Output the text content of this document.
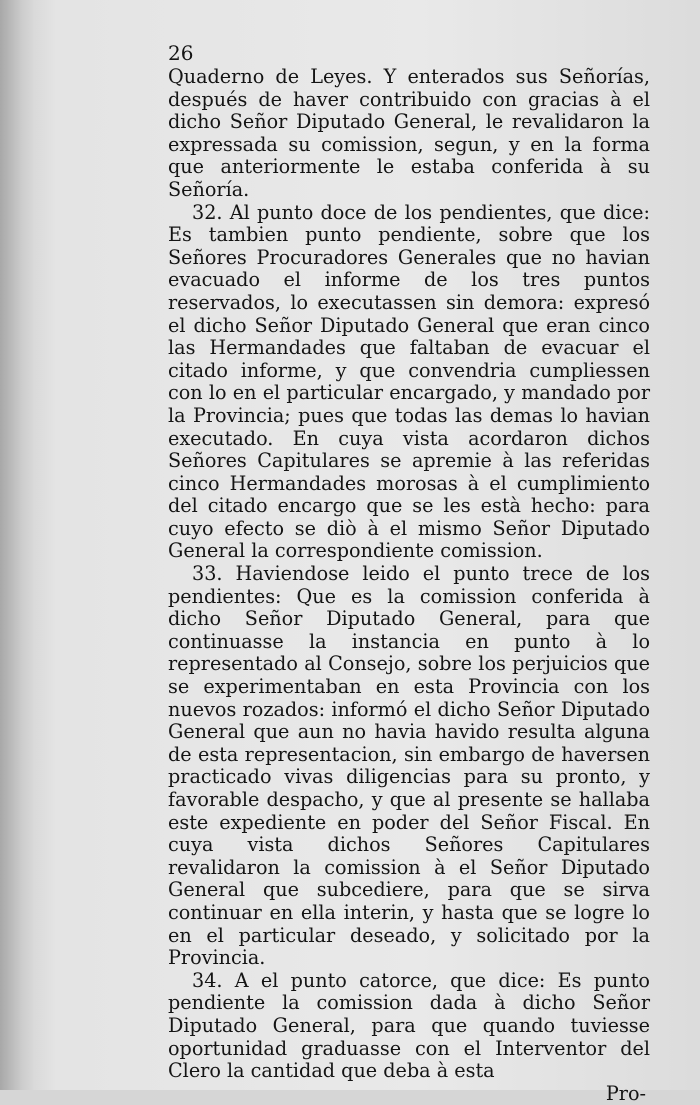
26

Quaderno de Leyes. Y enterados sus Señorías, después de haver contribuido con gracias à el dicho Señor Diputado General, le revalidaron la expressada su comission, segun, y en la forma que anteriormente le estaba conferida à su Señoría.

32. Al punto doce de los pendientes, que dice: Es tambien punto pendiente, sobre que los Señores Procuradores Generales que no havian evacuado el informe de los tres puntos reservados, lo executassen sin demora: expresó el dicho Señor Diputado General que eran cinco las Hermandades que faltaban de evacuar el citado informe, y que convendria cumpliessen con lo en el particular encargado, y mandado por la Provincia; pues que todas las demas lo havian executado. En cuya vista acordaron dichos Señores Capitulares se apremie à las referidas cinco Hermandades morosas à el cumplimiento del citado encargo que se les està hecho: para cuyo efecto se diò à el mismo Señor Diputado General la correspondiente comission.

33. Haviendose leido el punto trece de los pendientes: Que es la comission conferida à dicho Señor Diputado General, para que continuasse la instancia en punto à lo representado al Consejo, sobre los perjuicios que se experimentaban en esta Provincia con los nuevos rozados: informó el dicho Señor Diputado General que aun no havia havido resulta alguna de esta representacion, sin embargo de haversen practicado vivas diligencias para su pronto, y favorable despacho, y que al presente se hallaba este expediente en poder del Señor Fiscal. En cuya vista dichos Señores Capitulares revalidaron la comission à el Señor Diputado General que subcediere, para que se sirva continuar en ella interin, y hasta que se logre lo en el particular deseado, y solicitado por la Provincia.

34. A el punto catorce, que dice: Es punto pendiente la comission dada à dicho Señor Diputado General, para que quando tuviesse oportunidad graduasse con el Interventor del Clero la cantidad que deba à esta

Pro-
